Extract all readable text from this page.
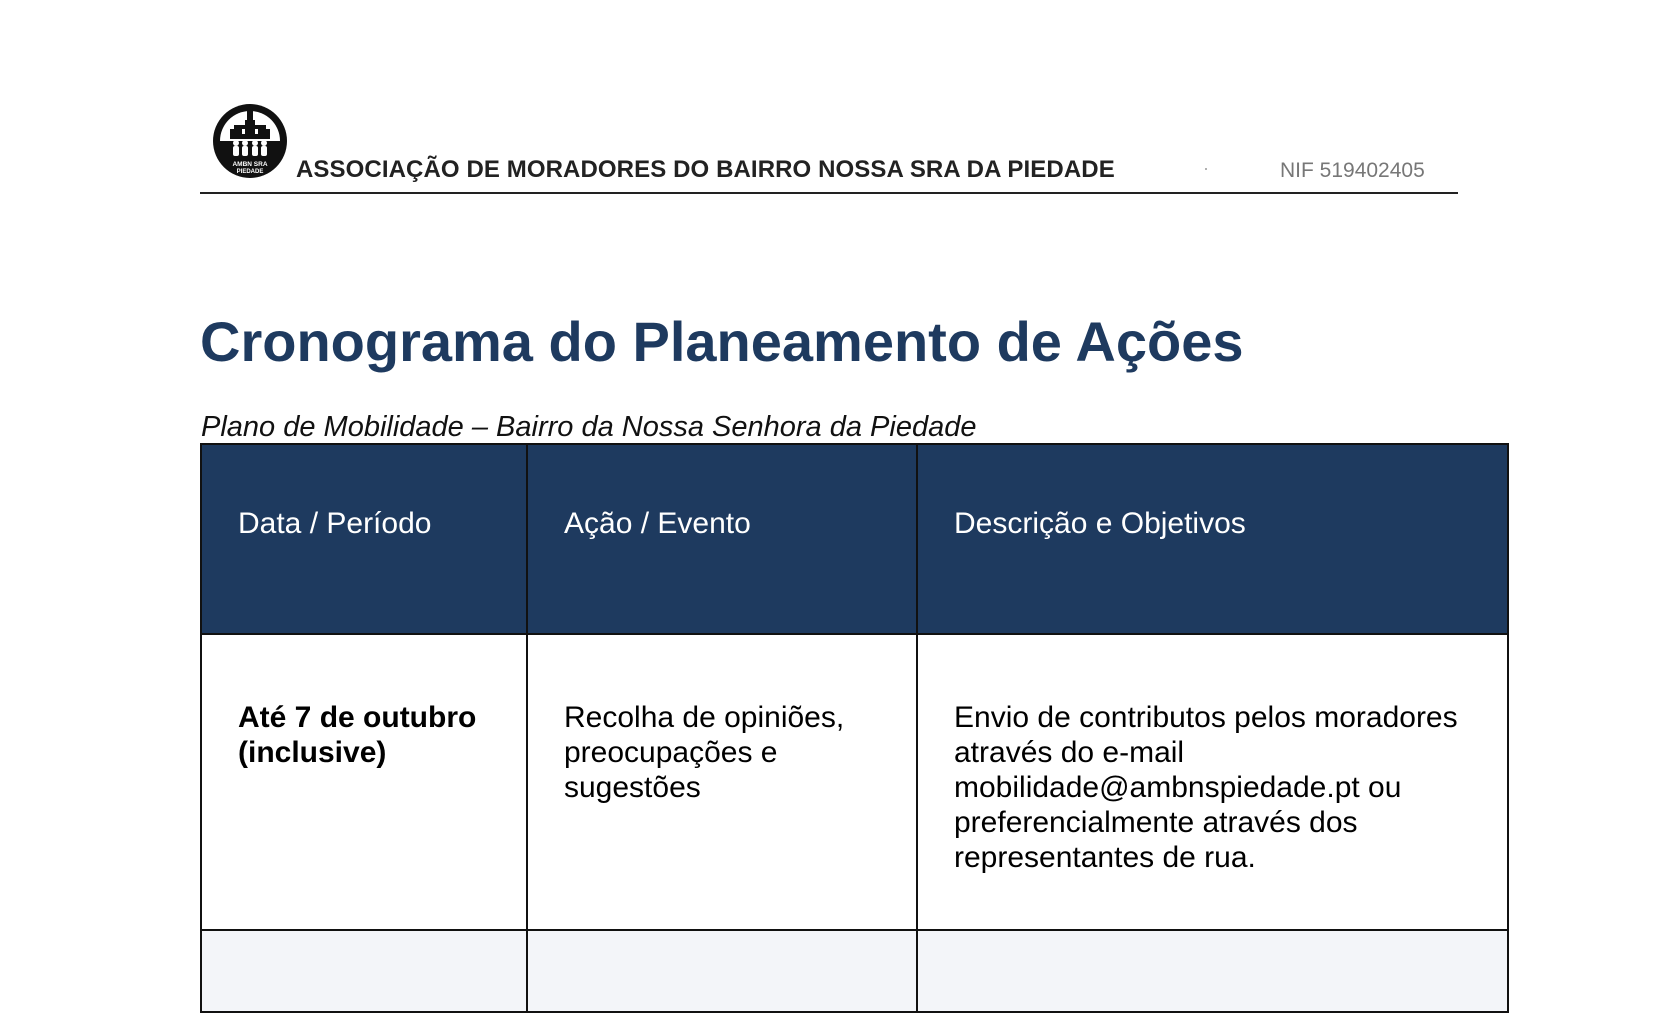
AMBN SRA
PIEDADE ASSOCIAÇÃO DE MORADORES DO BAIRRO NOSSA SRA DA PIEDADE	NIF 519402405
Cronograma do Planeamento de Ações

Plano de Mobilidade – Bairro da Nossa Senhora da Piedade

Data / Período	Ação / Evento	Descrição e Objetivos
Até 7 de outubro (inclusive)	Recolha de opiniões, preocupações e sugestões	Envio de contributos pelos moradores através do e-mail mobilidade@ambnspiedade.pt ou preferencialmente através dos representantes de rua.
